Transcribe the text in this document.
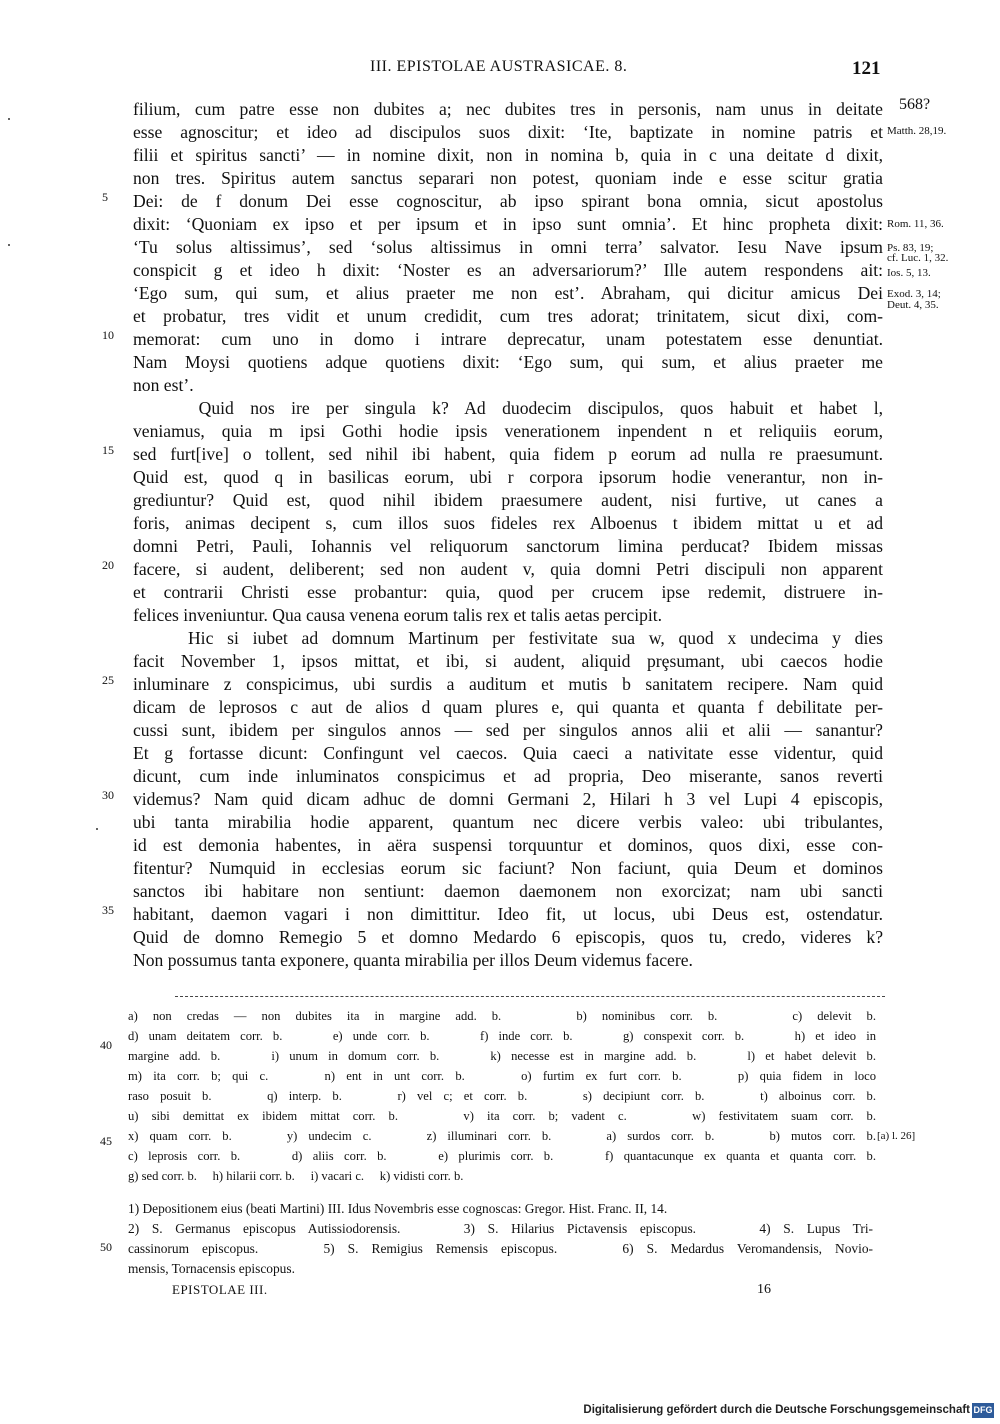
III. EPISTOLAE AUSTRASICAE. 8.	121
filium, cum patre esse non dubites a; nec dubites tres in personis, nam unus in deitate
esse agnoscitur; et ideo ad discipulos suos dixit: ‘Ite, baptizate in nomine patris et
filii et spiritus sancti’ — in nomine dixit, non in nomina b, quia in c una deitate d dixit,
non tres. Spiritus autem sanctus separari non potest, quoniam inde e esse scitur gratia
Dei: de f donum Dei esse cognoscitur, ab ipso spirant bona omnia, sicut apostolus
dixit: ‘Quoniam ex ipso et per ipsum et in ipso sunt omnia’. Et hinc propheta dixit:
‘Tu solus altissimus’, sed ‘solus altissimus in omni terra’ salvator. Iesu Nave ipsum
conspicit g et ideo h dixit: ‘Noster es an adversariorum?’ Ille autem respondens ait:
‘Ego sum, qui sum, et alius praeter me non est’. Abraham, qui dicitur amicus Dei
et probatur, tres vidit et unum credidit, cum tres adorat; trinitatem, sicut dixi, com-
memorat: cum uno in domo i intrare deprecatur, unam potestatem esse denuntiat.
Nam Moysi quotiens adque quotiens dixit: ‘Ego sum, qui sum, et alius praeter me
non est’.
Quid nos ire per singula k? Ad duodecim discipulos, quos habuit et habet l,
veniamus, quia m ipsi Gothi hodie ipsis venerationem inpendent n et reliquiis eorum,
sed furt[ive] o tollent, sed nihil ibi habent, quia fidem p eorum ad nulla re praesumunt.
Quid est, quod q in basilicas eorum, ubi r corpora ipsorum hodie venerantur, non in-
grediuntur? Quid est, quod nihil ibidem praesumere audent, nisi furtive, ut canes a
foris, animas decipent s, cum illos suos fideles rex Alboenus t ibidem mittat u et ad
domni Petri, Pauli, Iohannis vel reliquorum sanctorum limina perducat? Ibidem missas
facere, si audent, deliberent; sed non audent v, quia domni Petri discipuli non apparent
et contrarii Christi esse probantur: quia, quod per crucem ipse redemit, distruere in-
felices inveniuntur. Qua causa venena eorum talis rex et talis aetas percipit.
Hic si iubet ad domnum Martinum per festivitate sua w, quod x undecima y dies
facit November 1, ipsos mittat, et ibi, si audent, aliquid prȩsumant, ubi caecos hodie
inluminare z conspicimus, ubi surdis a auditum et mutis b sanitatem recipere. Nam quid
dicam de leprosos c aut de alios d quam plures e, qui quanta et quanta f debilitate per-
cussi sunt, ibidem per singulos annos — sed per singulos annos alii et alii — sanantur?
Et g fortasse dicunt: Confingunt vel caecos. Quia caeci a nativitate esse videntur, quid
dicunt, cum inde inluminatos conspicimus et ad propria, Deo miserante, sanos reverti
videmus? Nam quid dicam adhuc de domni Germani 2, Hilari h 3 vel Lupi 4 episcopis,
ubi tanta mirabilia hodie apparent, quantum nec dicere verbis valeo: ubi tribulantes,
id est demonia habentes, in aëra suspensi torquuntur et dominos, quos dixi, esse con-
fitentur? Numquid in ecclesias eorum sic faciunt? Non faciunt, quia Deum et dominos
sanctos ibi habitare non sentiunt: daemon daemonem non exorcizat; nam ubi sancti
habitant, daemon vagari i non dimittitur. Ideo fit, ut locus, ubi Deus est, ostendatur.
Quid de domno Remegio 5 et domno Medardo 6 episcopis, quos tu, credo, videres k?
Non possumus tanta exponere, quanta mirabilia per illos Deum videmus facere.
5
10
15
20
25
30
35
40
45
50
568?
Matth. 28,19.
Rom. 11, 36.
Ps. 83, 19;
cf. Luc. 1, 32.
Ios. 5, 13.
Exod. 3, 14;
Deut. 4, 35.
a) non credas — non dubites ita in margine add. b.     b) nominibus corr. b.     c) delevit b.
d) unam deitatem corr. b.     e) unde corr. b.     f) inde corr. b.     g) conspexit corr. b.     h) et ideo in
margine add. b.     i) unum in domum corr. b.     k) necesse est in margine add. b.     l) et habet delevit b.
m) ita corr. b; qui c.     n) ent in unt corr. b.     o) furtim ex furt corr. b.     p) quia fidem in loco
raso posuit b.     q) interp. b.     r) vel c; et corr. b.     s) decipiunt corr. b.     t) alboinus corr. b.
u) sibi demittat ex ibidem mittat corr. b.     v) ita corr. b; vadent c.     w) festivitatem suam corr. b.
x) quam corr. b.     y) undecim c.     z) illuminari corr. b.     a) surdos corr. b.     b) mutos corr. b.
c) leprosis corr. b.     d) aliis corr. b.     e) plurimis corr. b.     f) quantacunque ex quanta et quanta corr. b.
g) sed corr. b.     h) hilarii corr. b.     i) vacari c.     k) vidisti corr. b.
[a) l. 26]
1) Depositionem eius (beati Martini) III. Idus Novembris esse cognoscas: Gregor. Hist. Franc. II, 14.
2) S. Germanus episcopus Autissiodorensis.     3) S. Hilarius Pictavensis episcopus.     4) S. Lupus Tri-
cassinorum episcopus.     5) S. Remigius Remensis episcopus.     6) S. Medardus Veromandensis, Novio-
mensis, Tornacensis episcopus.
EPISTOLAE III.	16
Digitalisierung gefördert durch die Deutsche Forschungsgemeinschaft DFG
